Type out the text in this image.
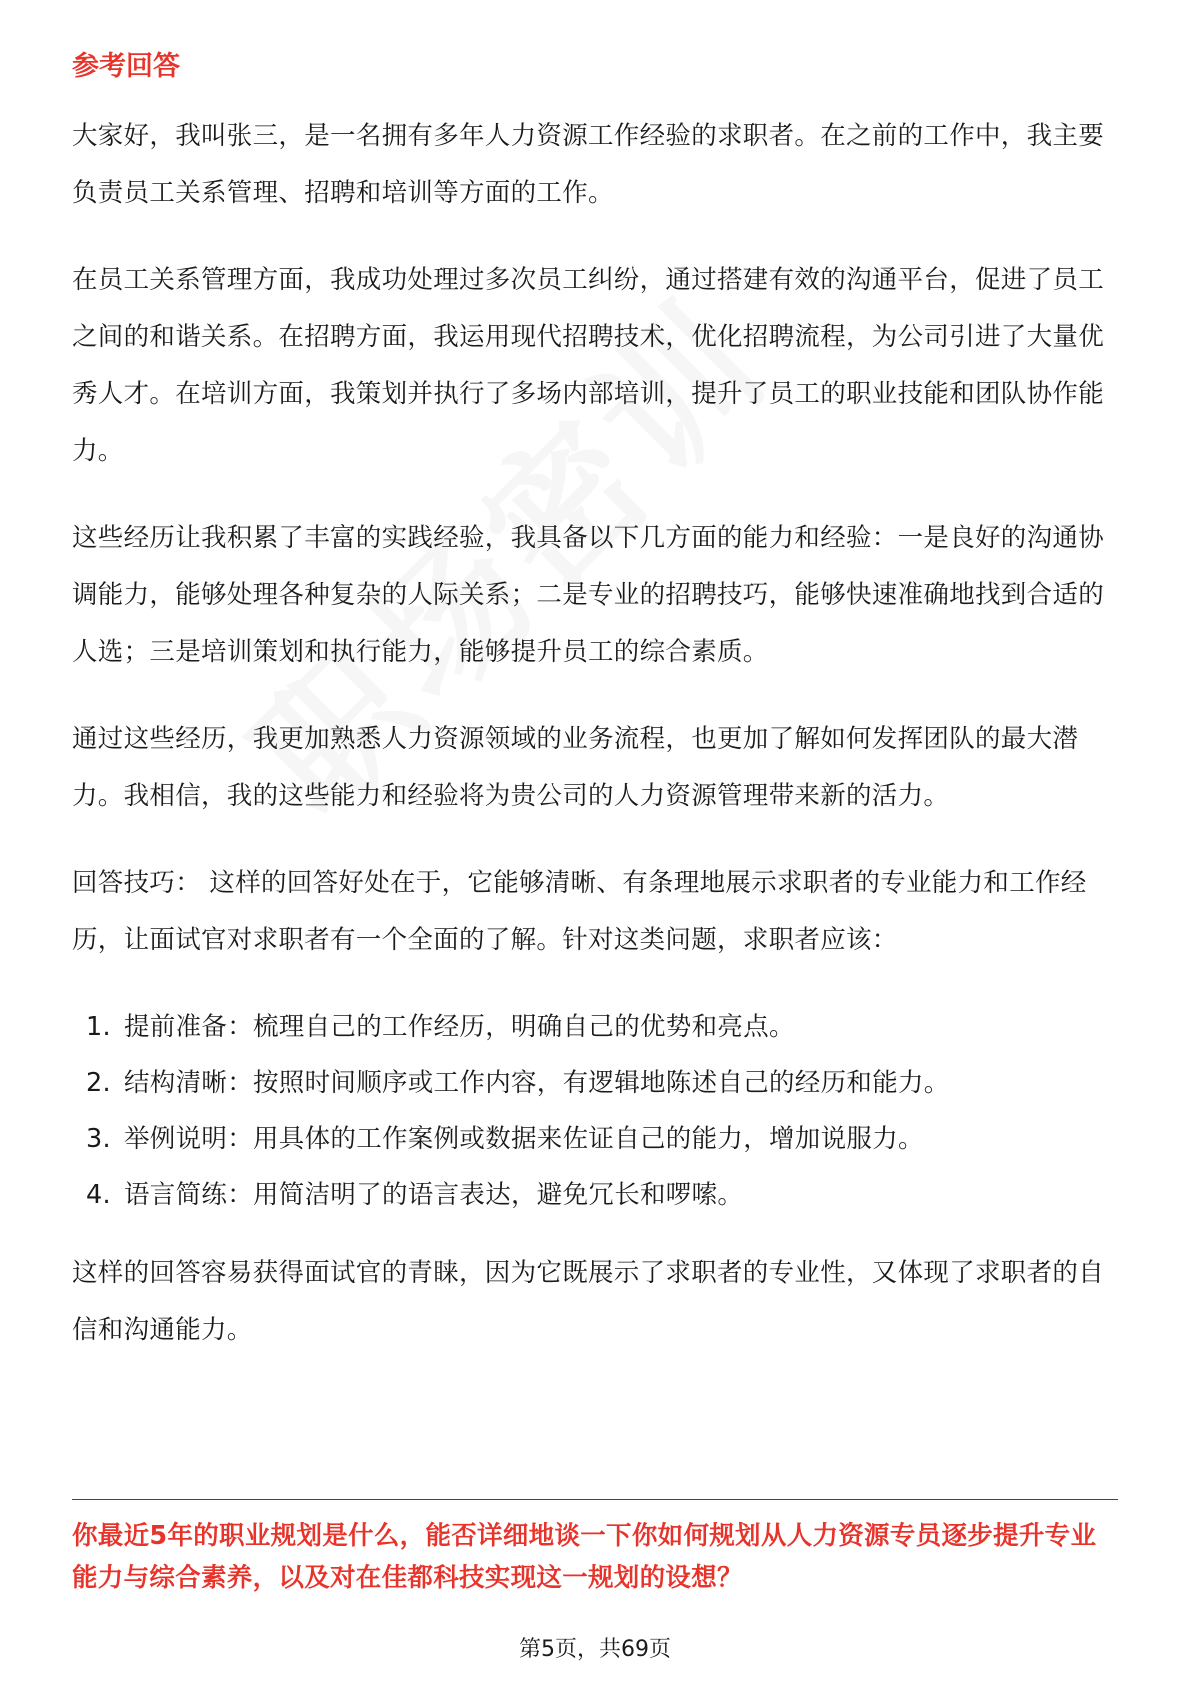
参考回答

大家好，我叫张三，是一名拥有多年人力资源工作经验的求职者。在之前的工作中，我主要负责员工关系管理、招聘和培训等方面的工作。

在员工关系管理方面，我成功处理过多次员工纠纷，通过搭建有效的沟通平台，促进了员工之间的和谐关系。在招聘方面，我运用现代招聘技术，优化招聘流程，为公司引进了大量优秀人才。在培训方面，我策划并执行了多场内部培训，提升了员工的职业技能和团队协作能力。

这些经历让我积累了丰富的实践经验，我具备以下几方面的能力和经验：一是良好的沟通协调能力，能够处理各种复杂的人际关系；二是专业的招聘技巧，能够快速准确地找到合适的人选；三是培训策划和执行能力，能够提升员工的综合素质。

通过这些经历，我更加熟悉人力资源领域的业务流程，也更加了解如何发挥团队的最大潜力。我相信，我的这些能力和经验将为贵公司的人力资源管理带来新的活力。

回答技巧： 这样的回答好处在于，它能够清晰、有条理地展示求职者的专业能力和工作经历，让面试官对求职者有一个全面的了解。针对这类问题，求职者应该：

1. 提前准备：梳理自己的工作经历，明确自己的优势和亮点。
2. 结构清晰：按照时间顺序或工作内容，有逻辑地陈述自己的经历和能力。
3. 举例说明：用具体的工作案例或数据来佐证自己的能力，增加说服力。
4. 语言简练：用简洁明了的语言表达，避免冗长和啰嗦。

这样的回答容易获得面试官的青睐，因为它既展示了求职者的专业性，又体现了求职者的自信和沟通能力。

你最近5年的职业规划是什么，能否详细地谈一下你如何规划从人力资源专员逐步提升专业能力与综合素养，以及对在佳都科技实现这一规划的设想？
第5页，共69页
